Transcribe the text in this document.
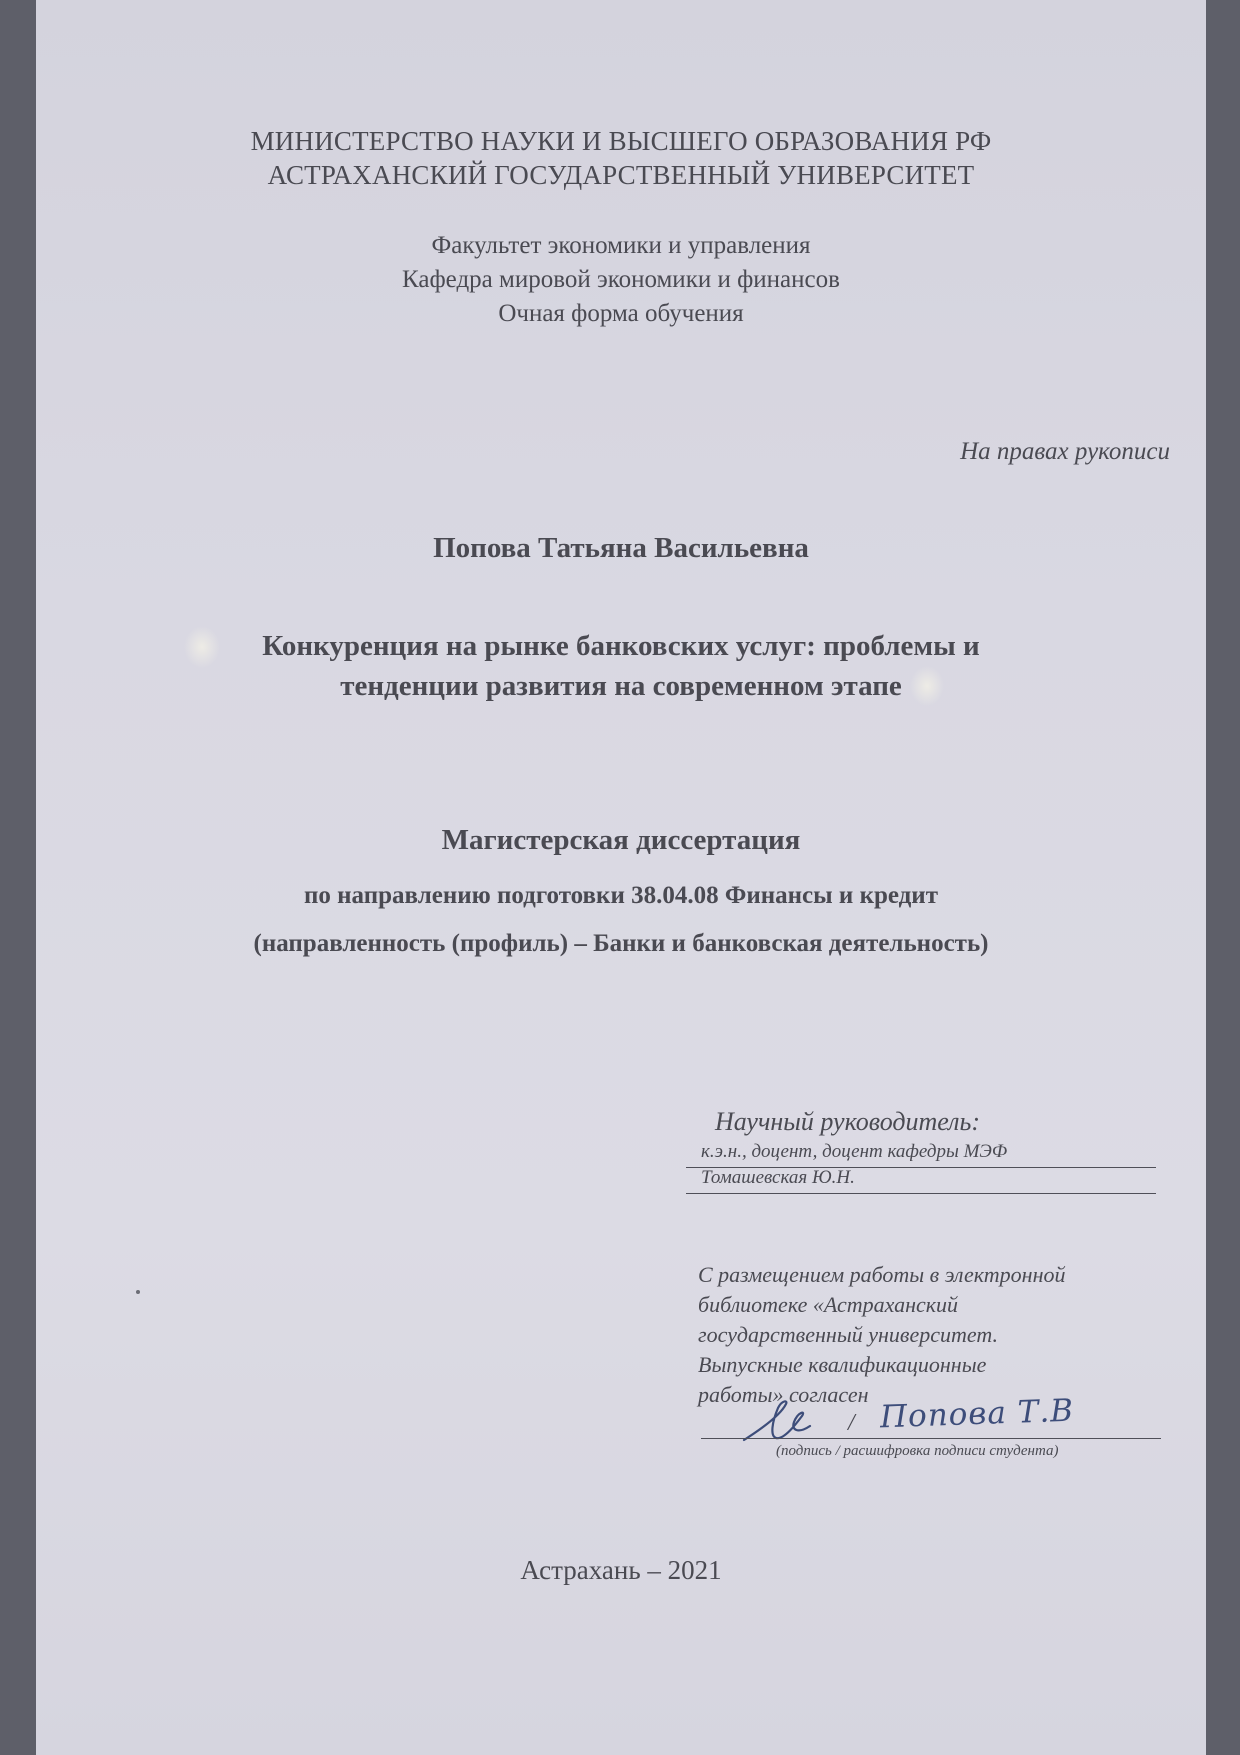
МИНИСТЕРСТВО НАУКИ И ВЫСШЕГО ОБРАЗОВАНИЯ РФ

АСТРАХАНСКИЙ ГОСУДАРСТВЕННЫЙ УНИВЕРСИТЕТ

Факультет экономики и управления

Кафедра мировой экономики и финансов

Очная форма обучения

На правах рукописи

Попова Татьяна Васильевна

Конкуренция на рынке банковских услуг: проблемы и

тенденции развития на современном этапе

Магистерская диссертация

по направлению подготовки 38.04.08 Финансы и кредит

(направленность (профиль) – Банки и банковская деятельность)

Научный руководитель:

к.э.н., доцент, доцент кафедры МЭФ

Томашевская Ю.Н.

С размещением работы в электронной

библиотеке «Астраханский

государственный университет.

Выпускные квалификационные

работы» согласен

/ Попова Т.В

(подпись / расшифровка подписи студента)

Астрахань – 2021
